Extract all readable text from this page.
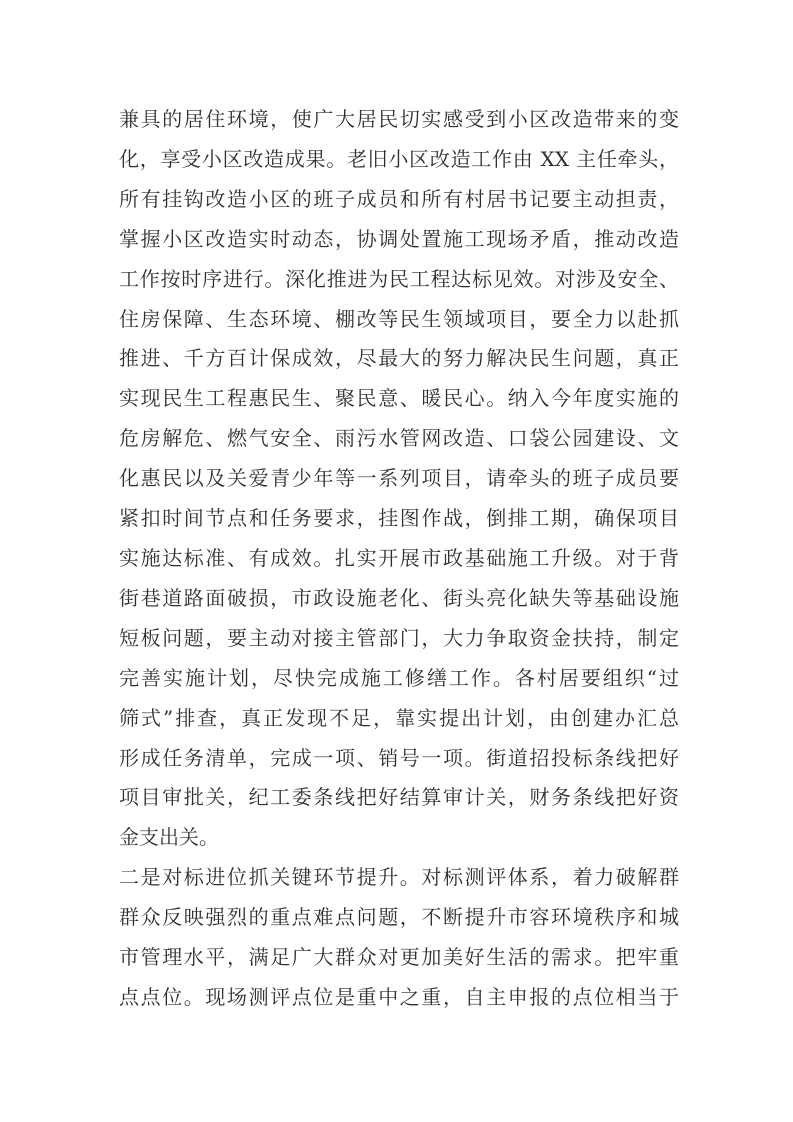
兼具的居住环境，使广大居民切实感受到小区改造带来的变
化，享受小区改造成果。老旧小区改造工作由 XX 主任牵头，
所有挂钩改造小区的班子成员和所有村居书记要主动担责，
掌握小区改造实时动态，协调处置施工现场矛盾，推动改造
工作按时序进行。深化推进为民工程达标见效。对涉及安全、
住房保障、生态环境、棚改等民生领域项目，要全力以赴抓
推进、千方百计保成效，尽最大的努力解决民生问题，真正
实现民生工程惠民生、聚民意、暖民心。纳入今年度实施的
危房解危、燃气安全、雨污水管网改造、口袋公园建设、文
化惠民以及关爱青少年等一系列项目，请牵头的班子成员要
紧扣时间节点和任务要求，挂图作战，倒排工期，确保项目
实施达标准、有成效。扎实开展市政基础施工升级。对于背
街巷道路面破损，市政设施老化、街头亮化缺失等基础设施
短板问题，要主动对接主管部门，大力争取资金扶持，制定
完善实施计划，尽快完成施工修缮工作。各村居要组织“过
筛式”排查，真正发现不足，靠实提出计划，由创建办汇总
形成任务清单，完成一项、销号一项。街道招投标条线把好
项目审批关，纪工委条线把好结算审计关，财务条线把好资
金支出关。
二是对标进位抓关键环节提升。对标测评体系，着力破解群
群众反映强烈的重点难点问题，不断提升市容环境秩序和城
市管理水平，满足广大群众对更加美好生活的需求。把牢重
点点位。现场测评点位是重中之重，自主申报的点位相当于
